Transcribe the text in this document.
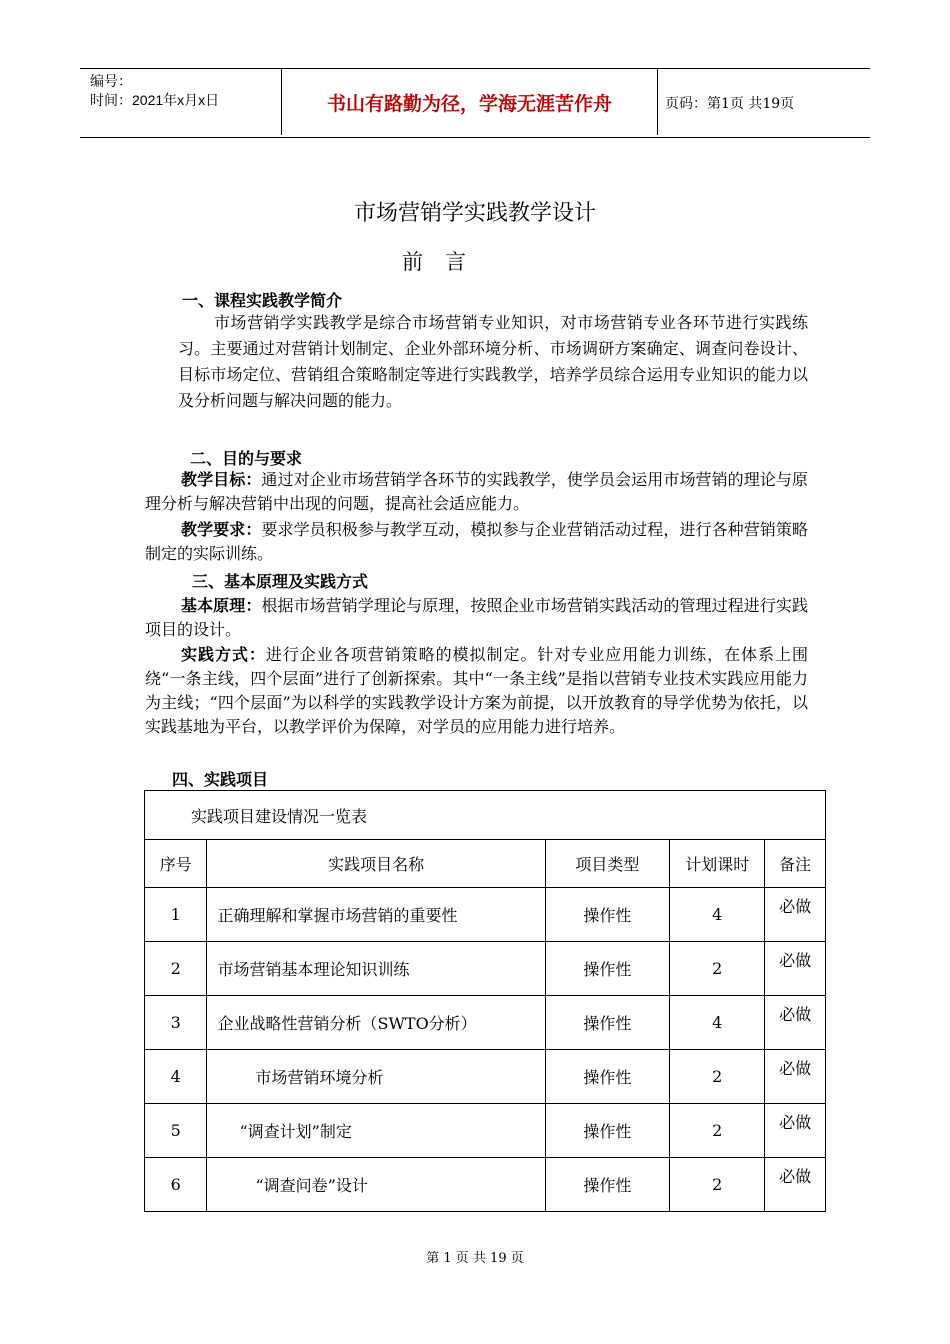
编号：
时间：2021年x月x日	书山有路勤为径，学海无涯苦作舟	页码：第1页 共19页
市场营销学实践教学设计
前言
一、课程实践教学简介
市场营销学实践教学是综合市场营销专业知识，对市场营销专业各环节进行实践练习。主要通过对营销计划制定、企业外部环境分析、市场调研方案确定、调查问卷设计、目标市场定位、营销组合策略制定等进行实践教学，培养学员综合运用专业知识的能力以及分析问题与解决问题的能力。
二、目的与要求
教学目标：通过对企业市场营销学各环节的实践教学，使学员会运用市场营销的理论与原理分析与解决营销中出现的问题，提高社会适应能力。
教学要求：要求学员积极参与教学互动，模拟参与企业营销活动过程，进行各种营销策略制定的实际训练。
三、基本原理及实践方式
基本原理：根据市场营销学理论与原理，按照企业市场营销实践活动的管理过程进行实践项目的设计。
实践方式：进行企业各项营销策略的模拟制定。针对专业应用能力训练，在体系上围绕“一条主线，四个层面”进行了创新探索。其中“一条主线”是指以营销专业技术实践应用能力为主线；“四个层面”为以科学的实践教学设计方案为前提，以开放教育的导学优势为依托，以实践基地为平台，以教学评价为保障，对学员的应用能力进行培养。
四、实践项目
实践项目建设情况一览表				
序号	实践项目名称	项目类型	计划课时	备注
1	正确理解和掌握市场营销的重要性	操作性	4	必做
2	市场营销基本理论知识训练	操作性	2	必做
3	企业战略性营销分析（SWTO分析）	操作性	4	必做
4	市场营销环境分析	操作性	2	必做
5	“调查计划”制定	操作性	2	必做
6	“调查问卷”设计	操作性	2	必做
第 1 页 共 19 页
